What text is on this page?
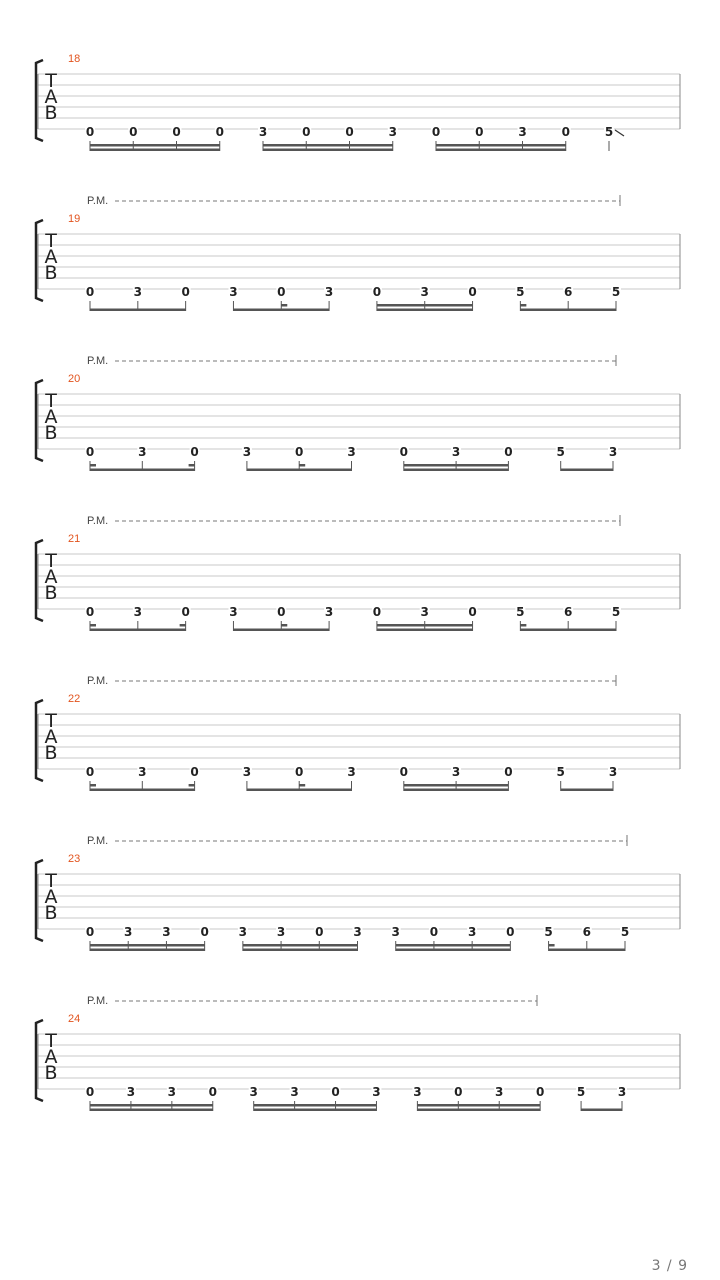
18
T
A
B
0	0	0	0	3	0	0	3	0	0	3	0	5
P.M.
19
T
A
B
0	3	0	3	0	3	0	3	0	5	6	5
P.M.
20
T
A
B
0	3	0	3	0	3	0	3	0	5	3
P.M.
21
T
A
B
0	3	0	3	0	3	0	3	0	5	6	5
P.M.
22
T
A
B
0	3	0	3	0	3	0	3	0	5	3
P.M.
23
T
A
B
0 3 3 0 3 3 0 3 3 0 3 0 5 6 5
P.M.
24
T
A
B
0	3	3	0	3	3	0	3	3	0	3	0	5	3
3 / 9
